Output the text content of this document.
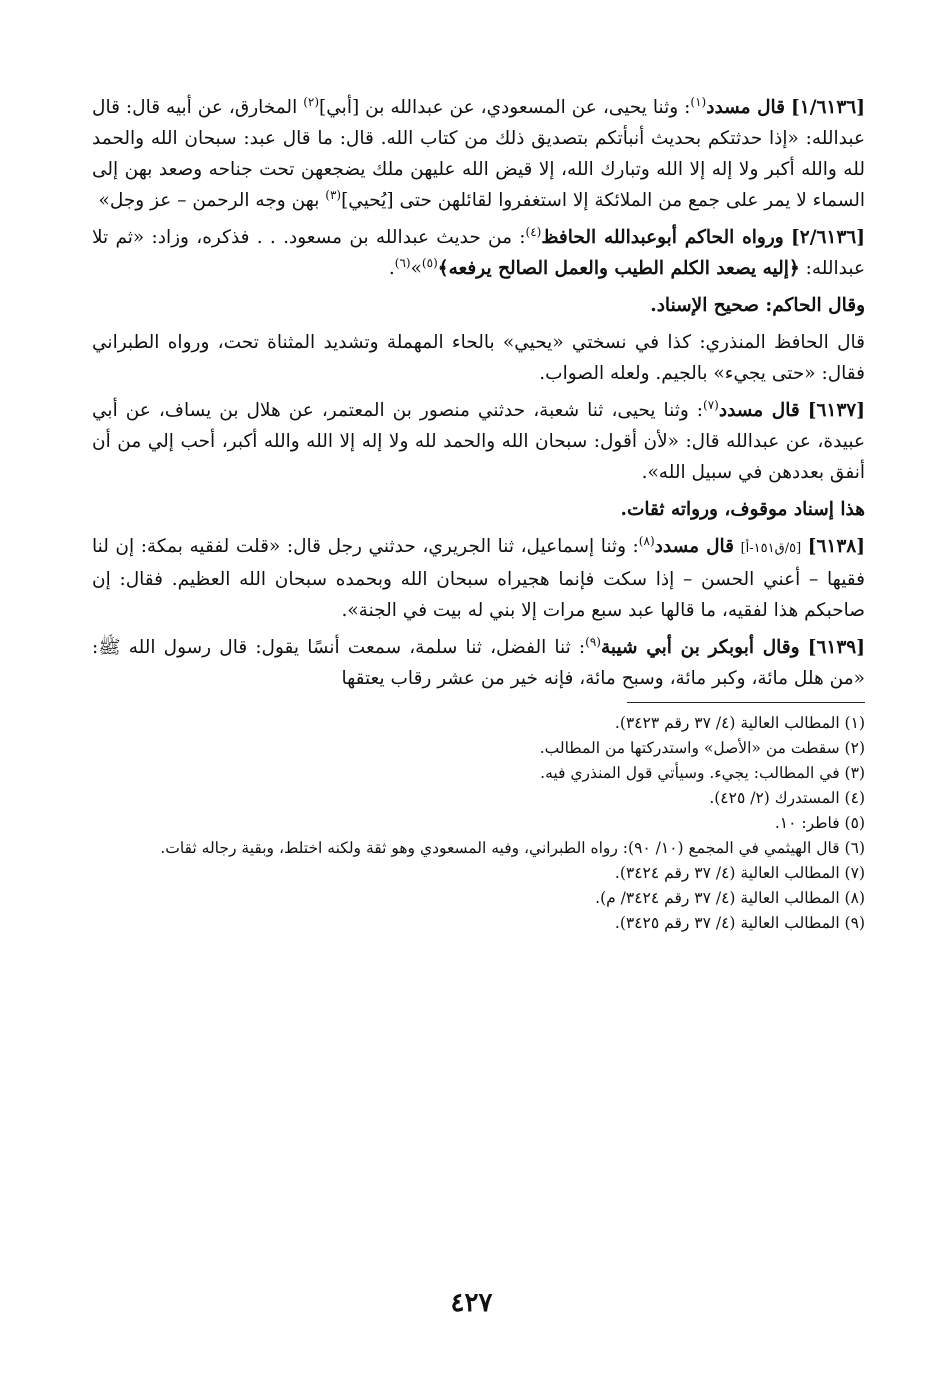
[١/٦١٣٦] قال مسدد$^{(١)}$: وثنا يحيى، عن المسعودي، عن عبدالله بن [أبي]$^{(٢)}$ المخارق، عن أبيه قال: قال عبدالله: «إذا حدثتكم بحديث أنبأتكم بتصديق ذلك من كتاب الله. قال: ما قال عبد: سبحان الله والحمد لله والله أكبر ولا إله إلا الله وتبارك الله، إلا قيض الله عليهن ملك يضجعهن تحت جناحه وصعد بهن إلى السماء لا يمر على جمع من الملائكة إلا استغفروا لقائلهن حتى [يُحيي]$^{(٣)}$ بهن وجه الرحمن – عز وجل»

[٢/٦١٣٦] ورواه الحاكم أبوعبدالله الحافظ$^{(٤)}$: من حديث عبدالله بن مسعود. . . فذكره، وزاد: «ثم تلا عبدالله: ﴿إليه يصعد الكلم الطيب والعمل الصالح يرفعه﴾$^{(٥)}$»$^{(٦)}$.

وقال الحاكم: صحيح الإسناد.

قال الحافظ المنذري: كذا في نسختي «يحيي» بالحاء المهملة وتشديد المثناة تحت، ورواه الطبراني فقال: «حتى يجيء» بالجيم. ولعله الصواب.

[٦١٣٧] قال مسدد$^{(٧)}$: وثنا يحيى، ثنا شعبة، حدثني منصور بن المعتمر، عن هلال بن يساف، عن أبي عبيدة، عن عبدالله قال: «لأن أقول: سبحان الله والحمد لله ولا إله إلا الله والله أكبر، أحب إلي من أن أنفق بعددهن في سبيل الله».

هذا إسناد موقوف، ورواته ثقات.

[٦١٣٨] [٥/ق١٥١-أ] قال مسدد$^{(٨)}$: وثنا إسماعيل، ثنا الجريري، حدثني رجل قال: «قلت لفقيه بمكة: إن لنا فقيها – أعني الحسن – إذا سكت فإنما هجيراه سبحان الله وبحمده سبحان الله العظيم. فقال: إن صاحبكم هذا لفقيه، ما قالها عبد سبع مرات إلا بني له بيت في الجنة».

[٦١٣٩] وقال أبوبكر بن أبي شيبة$^{(٩)}$: ثنا الفضل، ثنا سلمة، سمعت أنسًا يقول: قال رسول الله ﷺ: «من هلل مائة، وكبر مائة، وسبح مائة، فإنه خير من عشر رقاب يعتقها

(١) المطالب العالية (٤/ ٣٧ رقم ٣٤٢٣).
(٢) سقطت من «الأصل» واستدركتها من المطالب.
(٣) في المطالب: يجيء. وسيأتي قول المنذري فيه.
(٤) المستدرك (٢/ ٤٢٥).
(٥) فاطر: ١٠.
(٦) قال الهيثمي في المجمع (١٠/ ٩٠): رواه الطبراني، وفيه المسعودي وهو ثقة ولكنه اختلط، وبقية رجاله ثقات.
(٧) المطالب العالية (٤/ ٣٧ رقم ٣٤٢٤).
(٨) المطالب العالية (٤/ ٣٧ رقم ٣٤٢٤/ م).
(٩) المطالب العالية (٤/ ٣٧ رقم ٣٤٢٥).
٤٢٧
